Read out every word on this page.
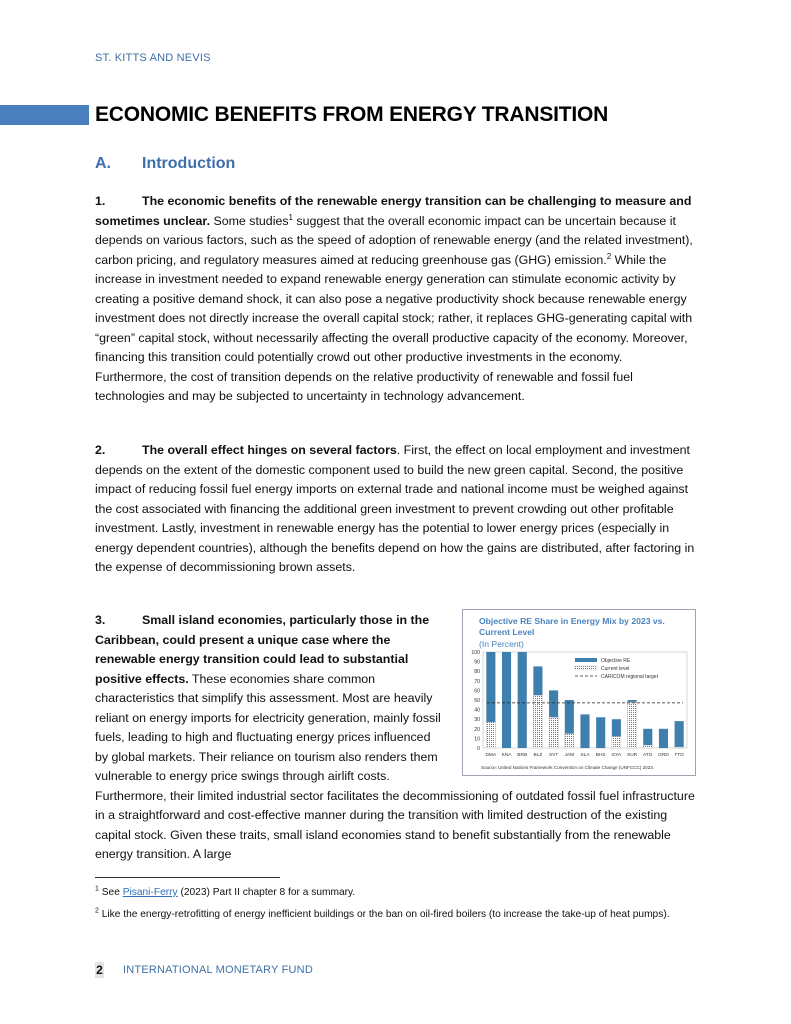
ST. KITTS AND NEVIS
ECONOMIC BENEFITS FROM ENERGY TRANSITION
A. Introduction

1.	The economic benefits of the renewable energy transition can be challenging to measure and sometimes unclear. Some studies$^1$ suggest that the overall economic impact can be uncertain because it depends on various factors, such as the speed of adoption of renewable energy (and the related investment), carbon pricing, and regulatory measures aimed at reducing greenhouse gas (GHG) emission.$^2$ While the increase in investment needed to expand renewable energy generation can stimulate economic activity by creating a positive demand shock, it can also pose a negative productivity shock because renewable energy investment does not directly increase the overall capital stock; rather, it replaces GHG-generating capital with “green” capital stock, without necessarily affecting the overall productive capacity of the economy. Moreover, financing this transition could potentially crowd out other productive investments in the economy. Furthermore, the cost of transition depends on the relative productivity of renewable and fossil fuel technologies and may be subjected to uncertainty in technology advancement.

2.	The overall effect hinges on several factors. First, the effect on local employment and investment depends on the extent of the domestic component used to build the new green capital. Second, the positive impact of reducing fossil fuel energy imports on external trade and national income must be weighed against the cost associated with financing the additional green investment to prevent crowding out other profitable investment. Lastly, investment in renewable energy has the potential to lower energy prices (especially in energy dependent countries), although the benefits depend on how the gains are distributed, after factoring in the expense of decommissioning brown assets.

3.	Small island economies, particularly those in the Caribbean, could present a unique case where the renewable energy transition could lead to substantial positive effects. These economies share common characteristics that simplify this assessment. Most are heavily reliant on energy imports for electricity generation, mainly fossil fuels, leading to high and fluctuating energy prices influenced by global markets. Their reliance on tourism also renders them vulnerable to energy price swings through airlift costs. Furthermore, their limited industrial sector facilitates the decommissioning of outdated fossil fuel infrastructure in a straightforward and cost-effective manner during the transition with limited destruction of the existing capital stock. Given these traits, small island economies stand to benefit substantially from the renewable energy transition. A large

Objective RE Share in Energy Mix by 2023 vs. Current Level
(In Percent)
0
10
20
30
40
50
60
70
80
90
100
DMA KNA BRB BLZ SVT JAM SLA BHS GYA SUR ATG GRD TTO
Objective RE
Current level
CARICOM regional target
Source: United Nations Framework Convention on Climate Change (UNFCCC) 2023.

$^1$ See Pisani-Ferry (2023) Part II chapter 8 for a summary.

$^2$ Like the energy-retrofitting of energy inefficient buildings or the ban on oil-fired boilers (to increase the take-up of heat pumps).

2 INTERNATIONAL MONETARY FUND
